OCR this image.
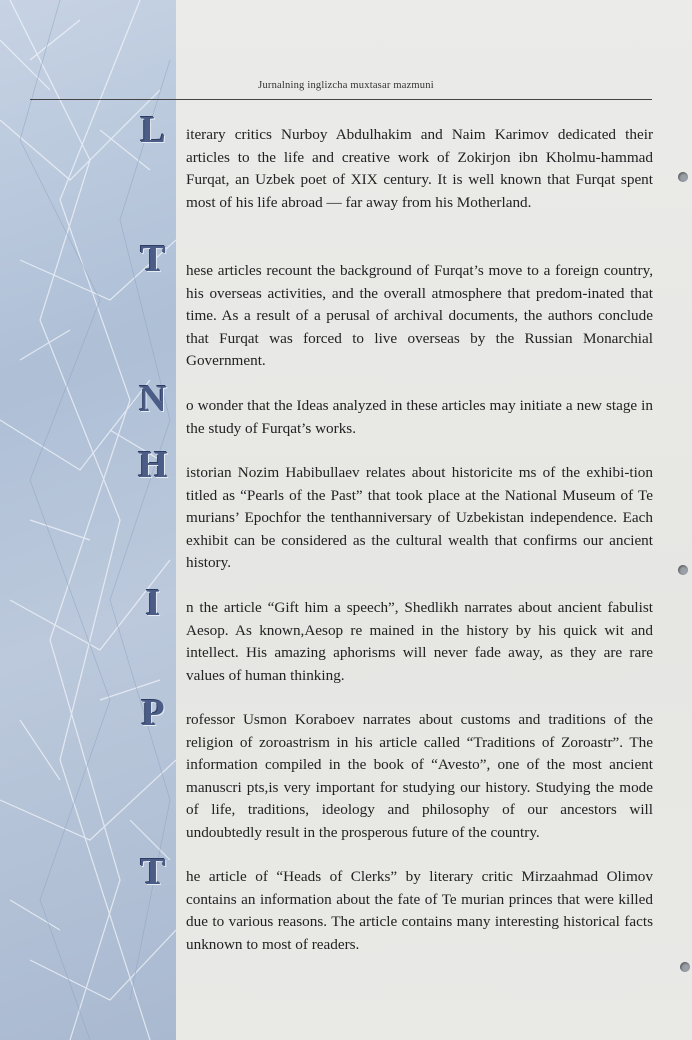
Jurnalning inglizcha muxtasar mazmuni
L iterary critics Nurboy Abdulhakim and Naim Karimov dedicated their articles to the life and creative work of Zokirjon ibn Kholmu-hammad Furqat, an Uzbek poet of XIX century. It is well known that Furqat spent most of his life abroad — far away from his Motherland.
T hese articles recount the background of Furqat’s move to a foreign country, his overseas activities, and the overall atmosphere that predom-inated that time. As a result of a perusal of archival documents, the authors conclude that Furqat was forced to live overseas by the Russian Monarchial Government.
N o wonder that the Ideas analyzed in these articles may initiate a new stage in the study of Furqat’s works.
H istorian Nozim Habibullaev relates about historicite ms of the exhibi-tion titled as “Pearls of the Past” that took place at the National Museum of Te murians’ Epochfor the tenthanniversary of Uzbekistan independence. Each exhibit can be considered as the cultural wealth that confirms our ancient history.
I	n the article “Gift him a speech”, Shedlikh narrates about ancient fabulist Aesop. As known,Aesop re mained in the history by his quick wit and intellect. His amazing aphorisms will never fade away, as they are rare values of human thinking.
P	rofessor Usmon Koraboev narrates about customs and traditions of the religion of zoroastrism in his article called “Traditions of Zoroastr”. The information compiled in the book of “Avesto”, one of the most ancient manuscri pts,is very important for studying our history. Studying the mode of life, traditions, ideology and philosophy of our ancestors will undoubtedly result in the prosperous future of the country.
T he article of “Heads of Clerks” by literary critic Mirzaahmad Olimov contains an information about the fate of Te murian princes that were killed due to various reasons. The article contains many interesting historical facts unknown to most of readers.
